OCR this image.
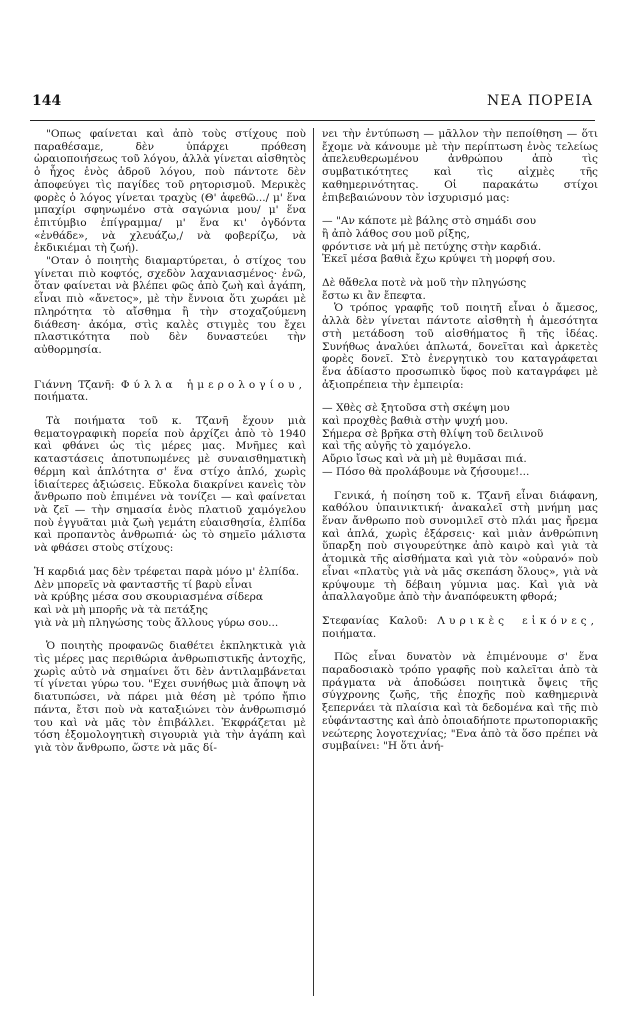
144	ΝΕΑ ΠΟΡΕΙΑ

"Οπως φαίνεται καὶ ἀπὸ τοὺς στίχους ποὺ παραθέσαμε, δὲν ὑπάρχει πρόθεση ὡραιοποιήσεως τοῦ λόγου, ἀλλὰ γίνεται αἰσθητὸς ὁ ἦχος ἑνὸς ἁδροῦ λόγου, ποὺ πάντοτε δὲν ἀποφεύγει τὶς παγίδες τοῦ ρητορισμοῦ. Μερικὲς φορὲς ὁ λόγος γίνεται τραχὺς (Θ' ἀφεθῶ.../ μ' ἕνα μπαχίρι σφηνωμένο στὰ σαγώνια μου/ μ' ἕνα ἐπιτύμβιο ἐπίγραμμα/ μ' ἕνα κι' ὀγδόντα «ἐνθάδε», νὰ χλευάζω,/ νὰ φοβερίζω, νὰ ἐκδικιέμαι τὴ ζωή).

"Οταν ὁ ποιητὴς διαμαρτύρεται, ὁ στίχος του γίνεται πιὸ κοφτός, σχεδὸν λαχανιασμένος· ἐνῶ, ὅταν φαίνεται νὰ βλέπει φῶς ἀπὸ ζωὴ καὶ ἀγάπη, εἶναι πιὸ «ἄνετος», μὲ τὴν ἔννοια ὅτι χωράει μὲ πληρότητα τὸ αἴσθημα ἢ τὴν στοχαζούμενη διάθεση· ἀκόμα, στὶς καλὲς στιγμὲς του ἔχει πλαστικότητα ποὺ δὲν δυναστεύει τὴν αὐθορμησία.

Γιάννη Τζανῆ: Φύλλα ἡμερολογίου, ποιήματα.

Τὰ ποιήματα τοῦ κ. Τζανῆ ἔχουν μιὰ θεματογραφικὴ πορεία ποὺ ἀρχίζει ἀπὸ τὸ 1940 καὶ φθάνει ὡς τὶς μέρες μας. Μνῆμες καὶ καταστάσεις ἀποτυπωμένες μὲ συναισθηματικὴ θέρμη καὶ ἁπλότητα σ' ἕνα στίχο ἁπλό, χωρὶς ἰδιαίτερες ἀξιώσεις. Εὔκολα διακρίνει κανεὶς τὸν ἄνθρωπο ποὺ ἐπιμένει νὰ τονίζει — καὶ φαίνεται νὰ ζεῖ — τὴν σημασία ἑνὸς πλατιοῦ χαμόγελου ποὺ ἐγγυᾶται μιὰ ζωὴ γεμάτη εὐαισθησία, ἐλπίδα καὶ προπαντὸς ἀνθρωπιά· ὡς τὸ σημεῖο μάλιστα νὰ φθάσει στοὺς στίχους:

Ἡ καρδιά μας δὲν τρέφεται παρὰ μόνο μ' ἐλπίδα.

Δὲν μπορεῖς νὰ φανταστῆς τί βαρὺ εἶναι

νὰ κρύβης μέσα σου σκουριασμένα σίδερα

καὶ νὰ μὴ μπορῆς νὰ τὰ πετάξης

γιὰ νὰ μὴ πληγώσης τοὺς ἄλλους γύρω σου...

Ὁ ποιητὴς προφανῶς διαθέτει ἐκπληκτικὰ γιὰ τὶς μέρες μας περιθώρια ἀνθρωπιστικῆς ἀντοχῆς, χωρὶς αὐτὸ νὰ σημαίνει ὅτι δὲν ἀντιλαμβάνεται τί γίνεται γύρω του. "Εχει συνήθως μιὰ ἄποψη νὰ διατυπώσει, νὰ πάρει μιὰ θέση μὲ τρόπο ἤπιο πάντα, ἔτσι ποὺ νὰ καταξιώνει τὸν ἀνθρωπισμό του καὶ νὰ μᾶς τὸν ἐπιβάλλει. Ἐκφράζεται μὲ τόση ἐξομολογητικὴ σιγουριὰ γιὰ τὴν ἀγάπη καὶ γιὰ τὸν ἄνθρωπο, ὥστε νὰ μᾶς δί-

νει τὴν ἐντύπωση — μᾶλλον τὴν πεποίθηση — ὅτι ἔχομε νὰ κάνουμε μὲ τὴν περίπτωση ἑνὸς τελείως ἀπελευθερωμένου ἀνθρώπου ἀπὸ τὶς συμβατικότητες καὶ τὶς αἰχμὲς τῆς καθημερινότητας. Οἱ παρακάτω στίχοι ἐπιβεβαιώνουν τὸν ἰσχυρισμό μας:

— "Αν κάποτε μὲ βάλης στὸ σημάδι σου

ἢ ἀπὸ λάθος σου μοῦ ρίξης,

φρόντισε νὰ μή μὲ πετύχης στὴν καρδιά.

Ἐκεῖ μέσα βαθιὰ ἔχω κρύψει τὴ μορφή σου.

Δὲ θἄθελα ποτὲ νὰ μοῦ τὴν πληγώσης

ἔστω κι ἂν ἔπεφτα.

Ὁ τρόπος γραφῆς τοῦ ποιητῆ εἶναι ὁ ἄμεσος, ἀλλὰ δὲν γίνεται πάντοτε αἰσθητὴ ἡ ἀμεσότητα στὴ μετάδοση τοῦ αἰσθήματος ἢ τῆς ἰδέας. Συνήθως ἀναλύει ἁπλωτά, δονεῖται καὶ ἀρκετὲς φορὲς δονεῖ. Στὸ ἐνεργητικὸ του καταγράφεται ἕνα ἀδίαστο προσωπικὸ ὕφος ποὺ καταγράφει μὲ ἀξιοπρέπεια τὴν ἐμπειρία:

— Χθὲς σὲ ξητοῦσα στὴ σκέψη μου

καὶ προχθὲς βαθιὰ στὴν ψυχή μου.

Σήμερα σὲ βρῆκα στὴ θλίψη τοῦ δειλινοῦ

καὶ τῆς αὐγῆς τὸ χαμόγελο.

Αὔριο ἴσως καὶ νὰ μὴ μὲ θυμᾶσαι πιά.

— Πόσο θὰ προλάβουμε νὰ ζήσουμε!...

Γενικά, ἡ ποίηση τοῦ κ. Τζανῆ εἶναι διάφανη, καθόλου ὑπαινικτική· ἀνακαλεῖ στὴ μνήμη μας ἕναν ἄνθρωπο ποὺ συνομιλεῖ στὸ πλάι μας ἤρεμα καὶ ἁπλά, χωρὶς ἐξάρσεις· καὶ μιὰν ἀνθρώπινη ὕπαρξη ποὺ σιγουρεύτηκε ἀπὸ καιρὸ καὶ γιὰ τὰ ἀτομικὰ τῆς αἰσθήματα καὶ γιὰ τὸν «οὐρανό» ποὺ εἶναι «πλατὺς γιὰ νὰ μᾶς σκεπάση ὅλους», γιὰ νὰ κρύψουμε τὴ δέβαιη γύμνια μας. Καὶ γιὰ νὰ ἀπαλλαγοῦμε ἀπὸ τὴν ἀναπόφευκτη φθορά;

Στεφανίας Καλοῦ: Λυρικὲς εἰκόνες, ποιήματα.

Πῶς εἶναι δυνατὸν νὰ ἐπιμένουμε σ' ἕνα παραδοσιακὸ τρόπο γραφῆς ποὺ καλεῖται ἀπὸ τὰ πράγματα νὰ ἀποδώσει ποιητικὰ ὄψεις τῆς σύγχρονης ζωῆς, τῆς ἐποχῆς ποὺ καθημερινὰ ξεπερνάει τὰ πλαίσια καὶ τὰ δεδομένα καὶ τῆς πιὸ εὐφάνταστης καὶ ἀπὸ ὁποιαδήποτε πρωτοποριακῆς νεώτερης λογοτεχνίας; "Ενα ἀπὸ τὰ ὅσο πρέπει νὰ συμβαίνει: "Η ὅτι ἀνή-
